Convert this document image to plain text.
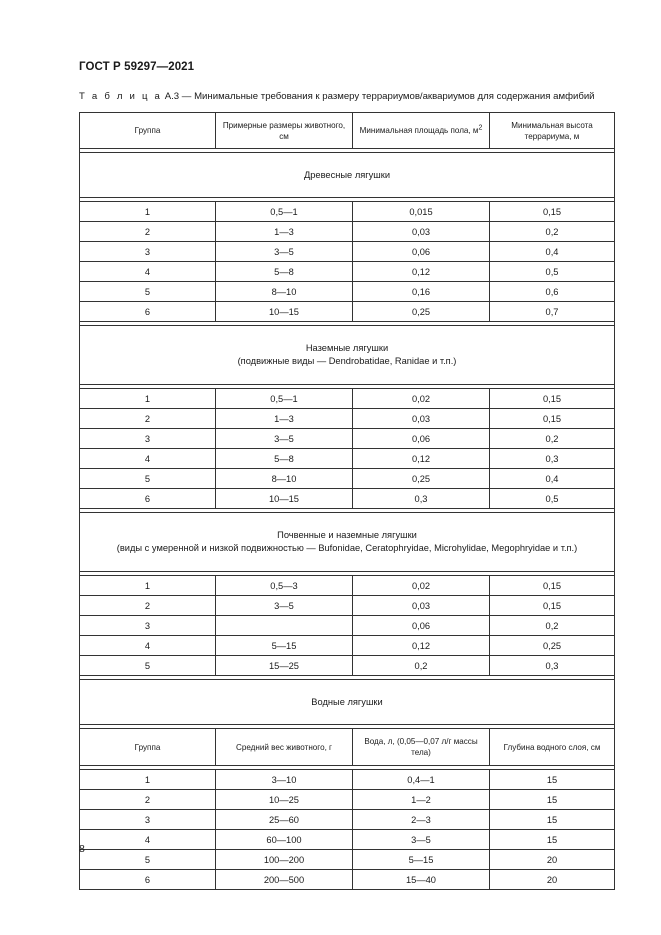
ГОСТ Р 59297—2021
Т а б л и ц а А.3 — Минимальные требования к размеру террариумов/аквариумов для содержания амфибий
Группа	Примерные размеры животного, см	Минимальная площадь пола, $м^2$	Минимальная высота террариума, м

Древесные лягушки			

1	0,5—1	0,015	0,15
2	1—3	0,03	0,2
3	3—5	0,06	0,4
4	5—8	0,12	0,5
5	8—10	0,16	0,6
6	10—15	0,25	0,7

Наземные лягушки
(подвижные виды — Dendrobatidae, Ranidae и т.п.)			

1	0,5—1	0,02	0,15
2	1—3	0,03	0,15
3	3—5	0,06	0,2
4	5—8	0,12	0,3
5	8—10	0,25	0,4
6	10—15	0,3	0,5

Почвенные и наземные лягушки
(виды с умеренной и низкой подвижностью — Bufonidae, Ceratophryidae, Microhylidae, Megophryidae и т.п.)			

1	0,5—3	0,02	0,15
2	3—5	0,03	0,15
3		0,06	0,2
4	5—15	0,12	0,25
5	15—25	0,2	0,3

Водные лягушки			

Группа	Средний вес животного, г	Вода, л, (0,05—0,07 л/г массы тела)	Глубина водного слоя, см

1	3—10	0,4—1	15
2	10—25	1—2	15
3	25—60	2—3	15
4	60—100	3—5	15
5	100—200	5—15	20
6	200—500	15—40	20
8
